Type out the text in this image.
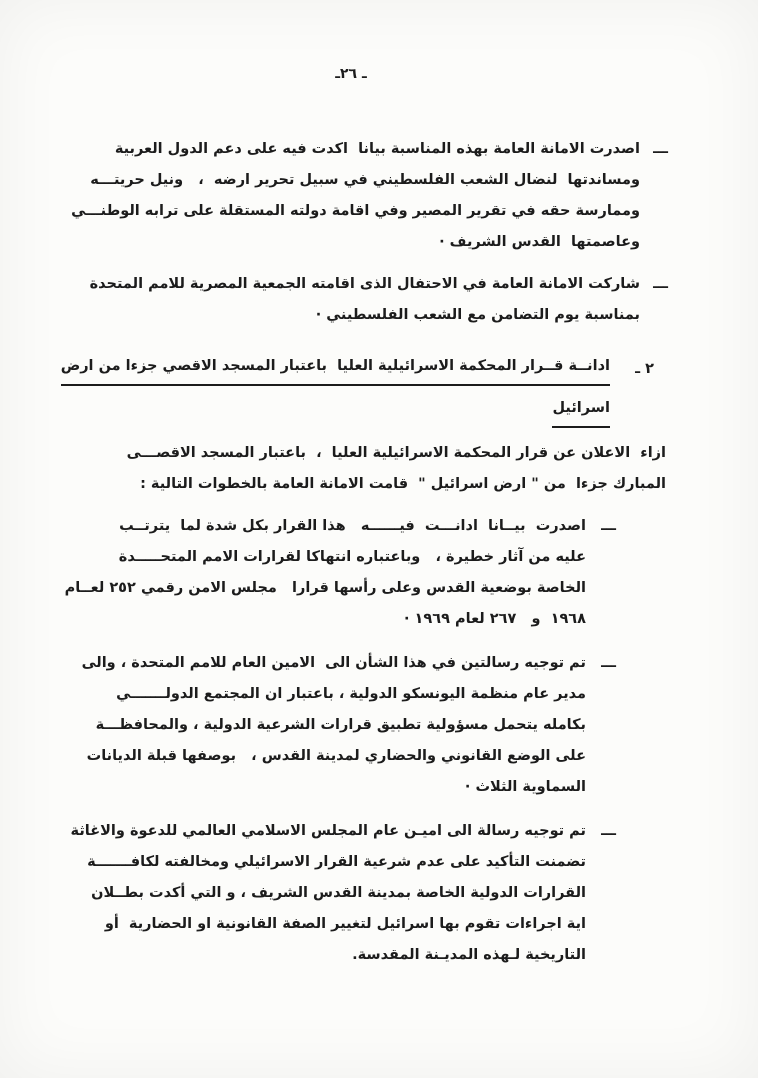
ـ ٢٦ـ
ـــ
اصدرت الامانة العامة بهذه المناسبة بيانا  اكدت فيه على دعم الدول العربية
ومساندتها  لنضال الشعب الفلسطيني في سبيل تحرير ارضه  ،   ونيل حريتـــه
وممارسة حقه في تقرير المصير وفي اقامة دولته المستقلة على ترابه الوطنـــي
وعاصمتها  القدس الشريف ·
ـــ
شاركت الامانة العامة في الاحتفال الذى اقامته الجمعية المصرية للامم المتحدة
بمناسبة يوم التضامن مع الشعب الفلسطيني ·
٢ ـ
ادانــة قــرار المحكمة الاسرائيلية العليا  باعتبار المسجد الاقصي جزءا من ارض
اسرائيل
ازاء  الاعلان عن قرار المحكمة الاسرائيلية العليا  ،  باعتبار المسجد الاقصـــى
المبارك جزءا  من " ارض اسرائيل "  قامت الامانة العامة بالخطوات التالية :
ـــ
اصدرت  بيــانا  ادانـــت  فيــــــه   هذا القرار بكل شدة لما  يترتــب
عليه من آثار خطيرة ،   وباعتباره انتهاكا لقرارات الامم المتحـــــدة
الخاصة بوضعية القدس وعلى رأسها قرارا   مجلس الامن رقمي ٢٥٢ لعــام
١٩٦٨  و   ٢٦٧ لعام ١٩٦٩ ·
ـــ
تم توجيه رسالتين في هذا الشأن الى  الامين العام للامم المتحدة ، والى
مدير عام منظمة اليونسكو الدولية ، باعتبار ان المجتمع الدولـــــــي
بكامله يتحمل مسؤولية تطبيق قرارات الشرعية الدولية ، والمحافظـــة
على الوضع القانوني والحضاري لمدينة القدس ،   بوصفها قبلة الديانات
السماوية الثلاث ·
ـــ
تم توجيه رسالة الى اميـن عام المجلس الاسلامي العالمي للدعوة والاغاثة
تضمنت التأكيد على عدم شرعية القرار الاسرائيلي ومخالفته لكافـــــــة
القرارات الدولية الخاصة بمدينة القدس الشريف ، و التي أكدت بطــلان
اية اجراءات تقوم بها اسرائيل لتغيير الصفة القانونية او الحضارية  أو
التاريخية لـهذه المديـنة المقدسة.
